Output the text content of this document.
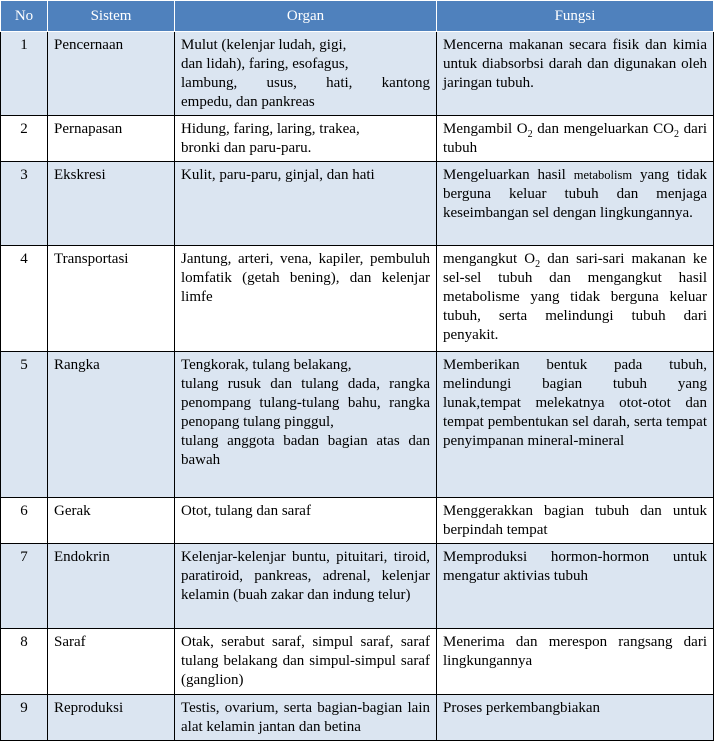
No	Sistem	Organ	Fungsi
1	Pencernaan	Mulut (kelenjar ludah, gigi,
dan lidah), faring, esofagus,
lambung, usus, hati, kantong
empedu, dan pankreas	Mencerna makanan secara fisik dan kimia untuk diabsorbsi darah dan digunakan oleh jaringan tubuh.
2	Pernapasan	Hidung, faring, laring, trakea,
bronki dan paru-paru.	Mengambil $O_2$ dan mengeluarkan $CO_2$ dari tubuh
3	Ekskresi	Kulit, paru-paru, ginjal, dan hati	Mengeluarkan hasil metabolism yang tidak berguna keluar tubuh dan menjaga keseimbangan sel dengan lingkungannya.
4	Transportasi	Jantung, arteri, vena, kapiler, pembuluh lomfatik (getah bening), dan kelenjar limfe	mengangkut $O_2$ dan sari-sari makanan ke sel-sel tubuh dan mengangkut hasil metabolisme yang tidak berguna keluar tubuh, serta melindungi tubuh dari penyakit.
5	Rangka	Tengkorak, tulang belakang,
tulang rusuk dan tulang dada, rangka penompang tulang-tulang bahu, rangka penopang tulang pinggul,
tulang anggota badan bagian atas dan bawah	Memberikan bentuk pada tubuh, melindungi bagian tubuh yang lunak,tempat melekatnya otot-otot dan tempat pembentukan sel darah, serta tempat penyimpanan mineral-mineral
6	Gerak	Otot, tulang dan saraf	Menggerakkan bagian tubuh dan untuk berpindah tempat
7	Endokrin	Kelenjar-kelenjar buntu, pituitari, tiroid, paratiroid, pankreas, adrenal, kelenjar kelamin (buah zakar dan indung telur)	Memproduksi hormon-hormon untuk mengatur aktivias tubuh
8	Saraf	Otak, serabut saraf, simpul saraf, saraf tulang belakang dan simpul-simpul saraf (ganglion)	Menerima dan merespon rangsang dari lingkungannya
9	Reproduksi	Testis, ovarium, serta bagian-bagian lain alat kelamin jantan dan betina	Proses perkembangbiakan
